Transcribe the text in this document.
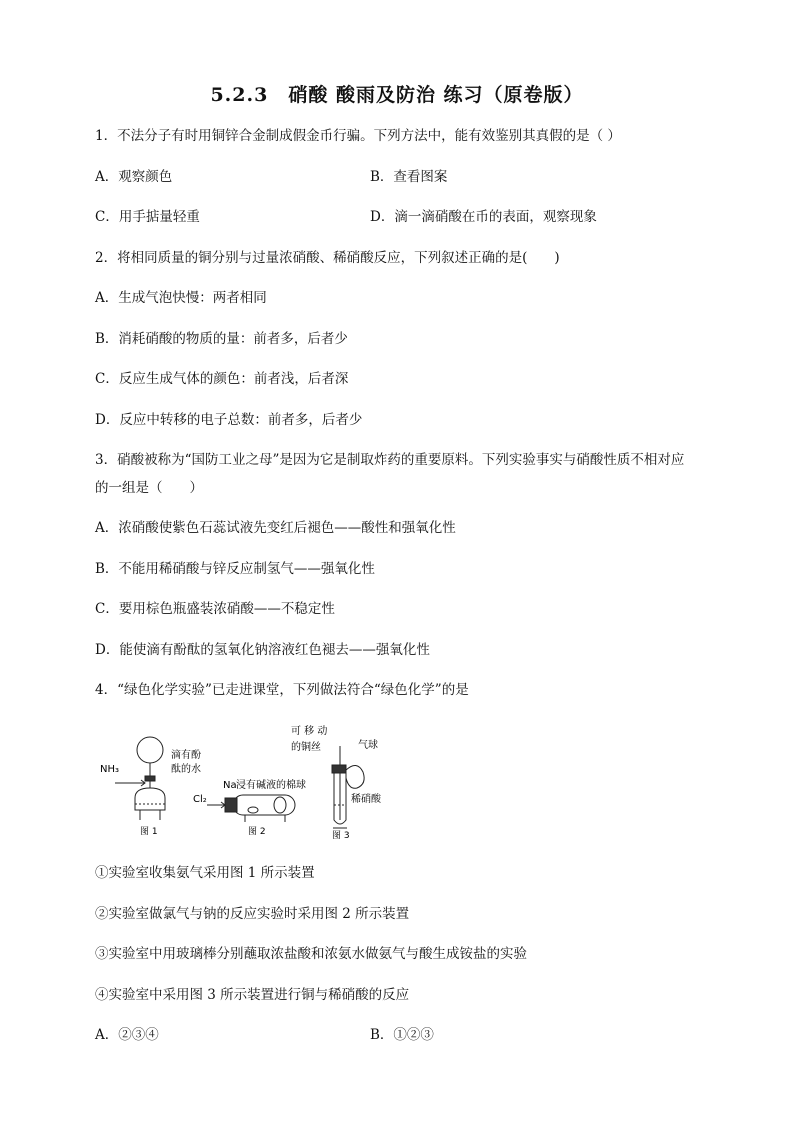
5.2.3　硝酸 酸雨及防治 练习（原卷版）
1．不法分子有时用铜锌合金制成假金币行骗。下列方法中，能有效鉴别其真假的是（ ）
A．观察颜色	B．查看图案
C．用手掂量轻重	D．滴一滴硝酸在币的表面，观察现象
2．将相同质量的铜分别与过量浓硝酸、稀硝酸反应，下列叙述正确的是(　　)
A．生成气泡快慢：两者相同
B．消耗硝酸的物质的量：前者多，后者少
C．反应生成气体的颜色：前者浅，后者深
D．反应中转移的电子总数：前者多，后者少
3．硝酸被称为“国防工业之母”是因为它是制取炸药的重要原料。下列实验事实与硝酸性质不相对应
的一组是（　　）
A．浓硝酸使紫色石蕊试液先变红后褪色——酸性和强氧化性
B．不能用稀硝酸与锌反应制氢气——强氧化性
C．要用棕色瓶盛装浓硝酸——不稳定性
D．能使滴有酚酞的氢氧化钠溶液红色褪去——强氧化性
4．“绿色化学实验”已走进课堂，下列做法符合“绿色化学”的是
NH₃
滴有酚
酞的水
Cl₂
Na 浸有碱液的棉球
可 移 动
的铜丝	气球
稀硝酸
图 1	图 2	图 3
①实验室收集氨气采用图 1 所示装置
②实验室做氯气与钠的反应实验时采用图 2 所示装置
③实验室中用玻璃棒分别蘸取浓盐酸和浓氨水做氨气与酸生成铵盐的实验
④实验室中采用图 3 所示装置进行铜与稀硝酸的反应
A．②③④	B．①②③
